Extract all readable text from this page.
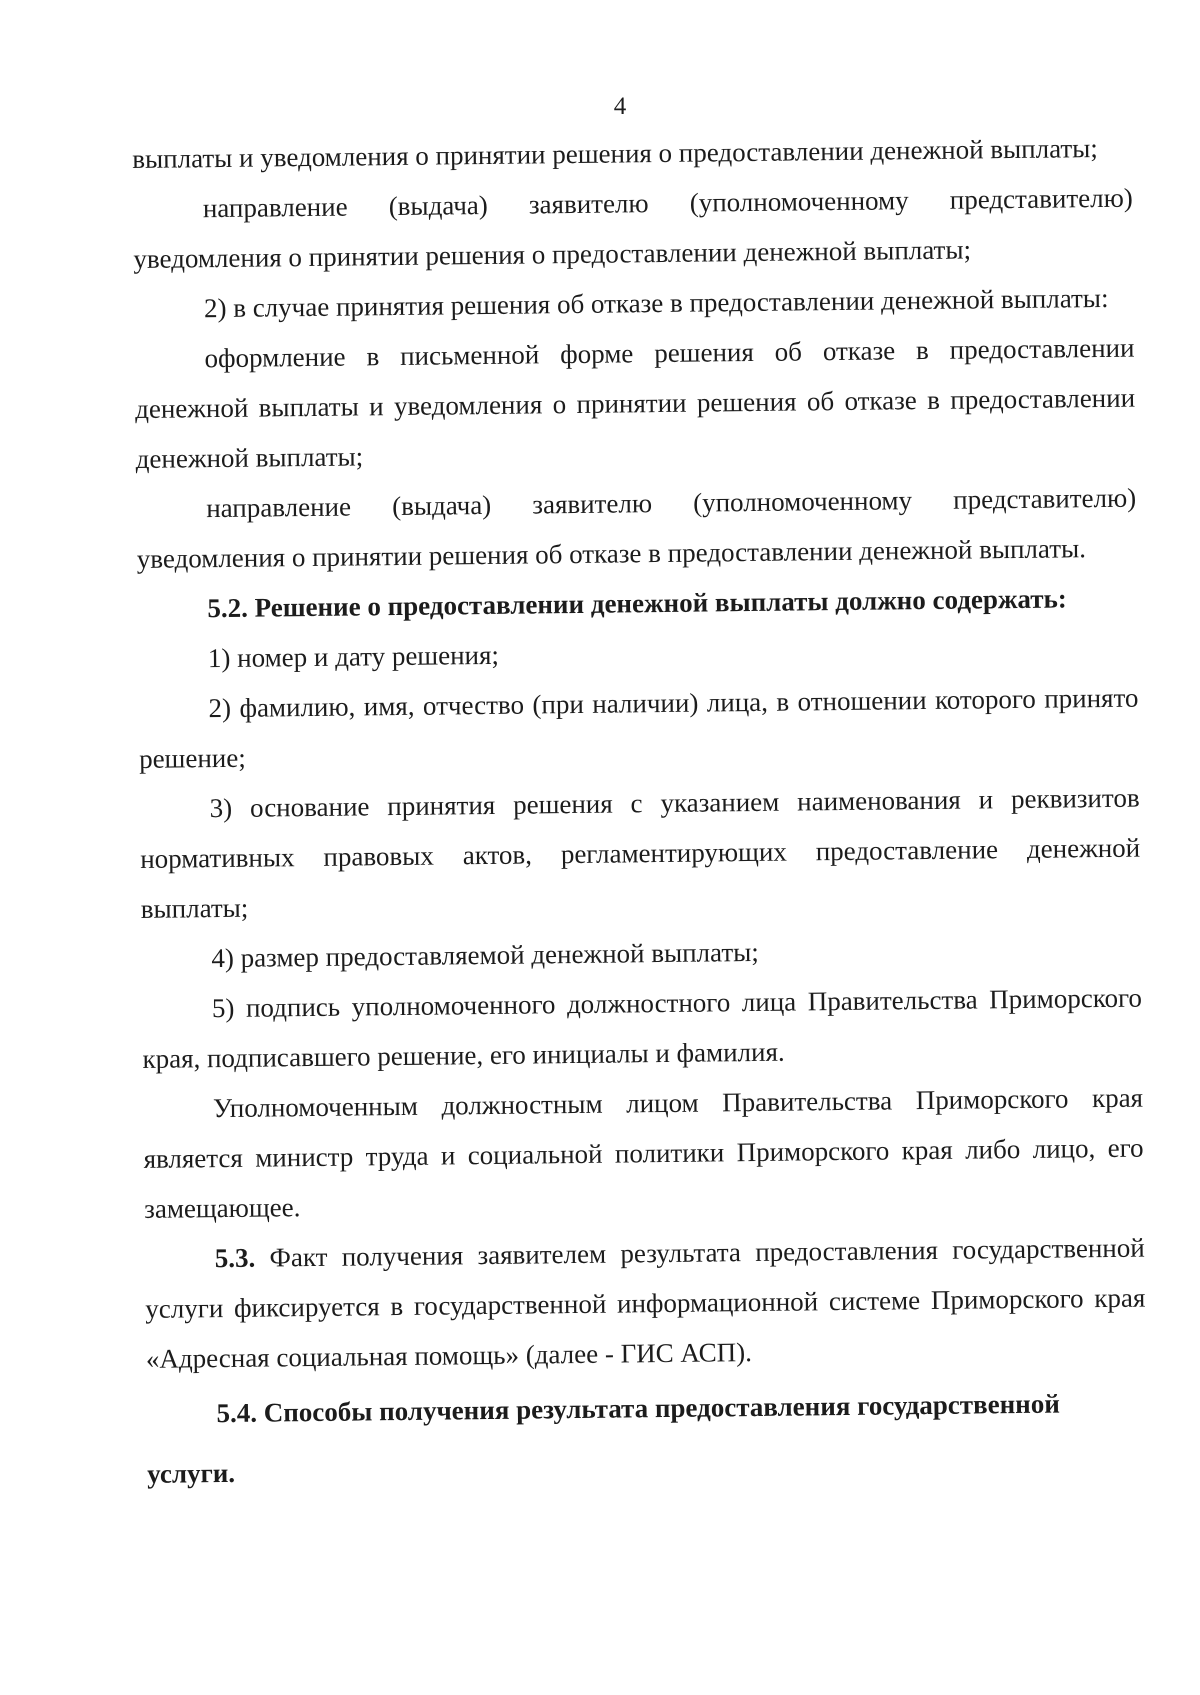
4

выплаты и уведомления о принятии решения о предоставлении денежной выплаты;

направление (выдача) заявителю (уполномоченному представителю) уведомления о принятии решения о предоставлении денежной выплаты;

2) в случае принятия решения об отказе в предоставлении денежной выплаты:

оформление в письменной форме решения об отказе в предоставлении денежной выплаты и уведомления о принятии решения об отказе в предоставлении денежной выплаты;

направление (выдача) заявителю (уполномоченному представителю) уведомления о принятии решения об отказе в предоставлении денежной выплаты.

5.2. Решение о предоставлении денежной выплаты должно содержать:

1) номер и дату решения;

2) фамилию, имя, отчество (при наличии) лица, в отношении которого принято решение;

3) основание принятия решения с указанием наименования и реквизитов нормативных правовых актов, регламентирующих предоставление денежной выплаты;

4) размер предоставляемой денежной выплаты;

5) подпись уполномоченного должностного лица Правительства Приморского края, подписавшего решение, его инициалы и фамилия.

Уполномоченным должностным лицом Правительства Приморского края является министр труда и социальной политики Приморского края либо лицо, его замещающее.

5.3. Факт получения заявителем результата предоставления государственной услуги фиксируется в государственной информационной системе Приморского края «Адресная социальная помощь» (далее - ГИС АСП).

5.4. Способы получения результата предоставления государственной услуги.
